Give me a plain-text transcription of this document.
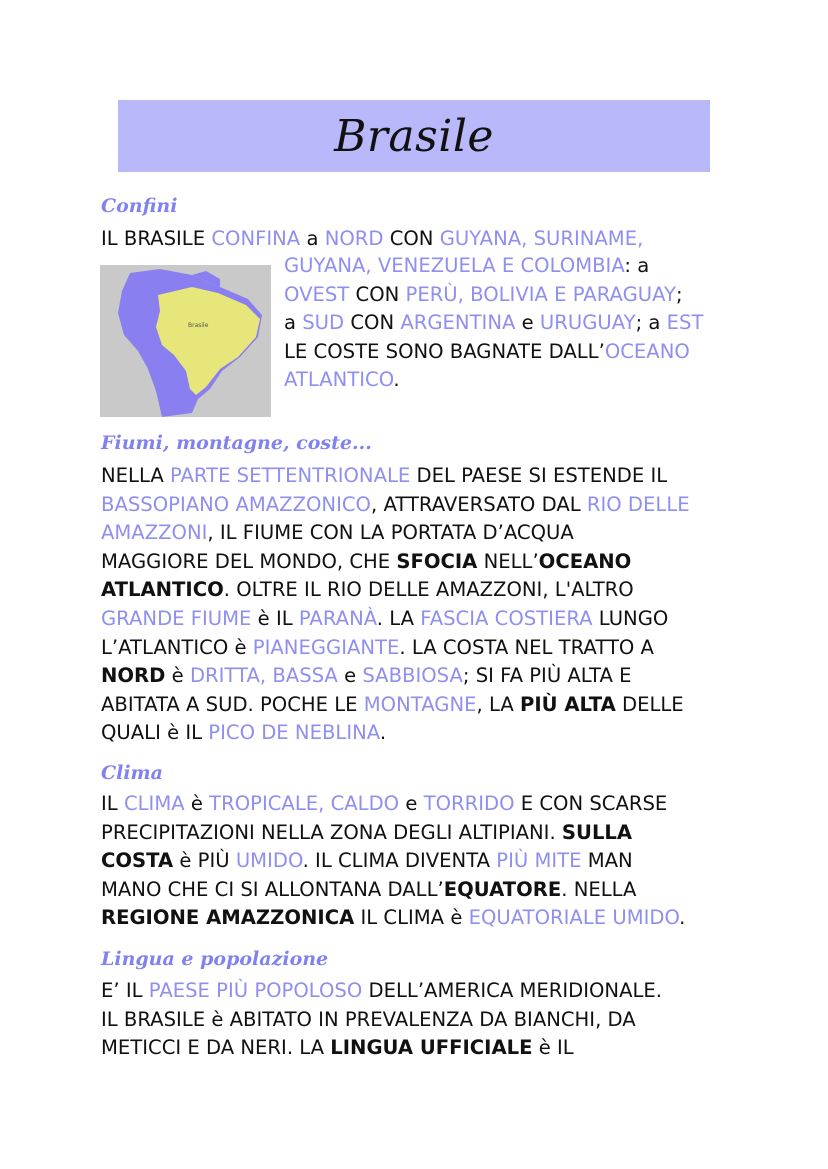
Brasile
Confini
IL BRASILE CONFINA a NORD CON GUYANA, SURINAME,
Brasile
GUYANA, VENEZUELA E COLOMBIA: a
OVEST CON PERÙ, BOLIVIA E PARAGUAY;
a SUD CON ARGENTINA e URUGUAY; a EST
LE COSTE SONO BAGNATE DALL’OCEANO
ATLANTICO.
Fiumi, montagne, coste...
NELLA PARTE SETTENTRIONALE DEL PAESE SI ESTENDE IL
BASSOPIANO AMAZZONICO, ATTRAVERSATO DAL RIO DELLE
AMAZZONI, IL FIUME CON LA PORTATA D’ACQUA
MAGGIORE DEL MONDO, CHE SFOCIA NELL’OCEANO
ATLANTICO. OLTRE IL RIO DELLE AMAZZONI, L'ALTRO
GRANDE FIUME è IL PARANÀ. LA FASCIA COSTIERA LUNGO
L’ATLANTICO è PIANEGGIANTE. LA COSTA NEL TRATTO A
NORD è DRITTA, BASSA e SABBIOSA; SI FA PIÙ ALTA E
ABITATA A SUD. POCHE LE MONTAGNE, LA PIÙ ALTA DELLE
QUALI è IL PICO DE NEBLINA.
Clima
IL CLIMA è TROPICALE, CALDO e TORRIDO E CON SCARSE
PRECIPITAZIONI NELLA ZONA DEGLI ALTIPIANI. SULLA
COSTA è PIÙ UMIDO. IL CLIMA DIVENTA PIÙ MITE MAN
MANO CHE CI SI ALLONTANA DALL’EQUATORE. NELLA
REGIONE AMAZZONICA IL CLIMA è EQUATORIALE UMIDO.
Lingua e popolazione
E’ IL PAESE PIÙ POPOLOSO DELL’AMERICA MERIDIONALE.
IL BRASILE è ABITATO IN PREVALENZA DA BIANCHI, DA
METICCI E DA NERI. LA LINGUA UFFICIALE è IL
